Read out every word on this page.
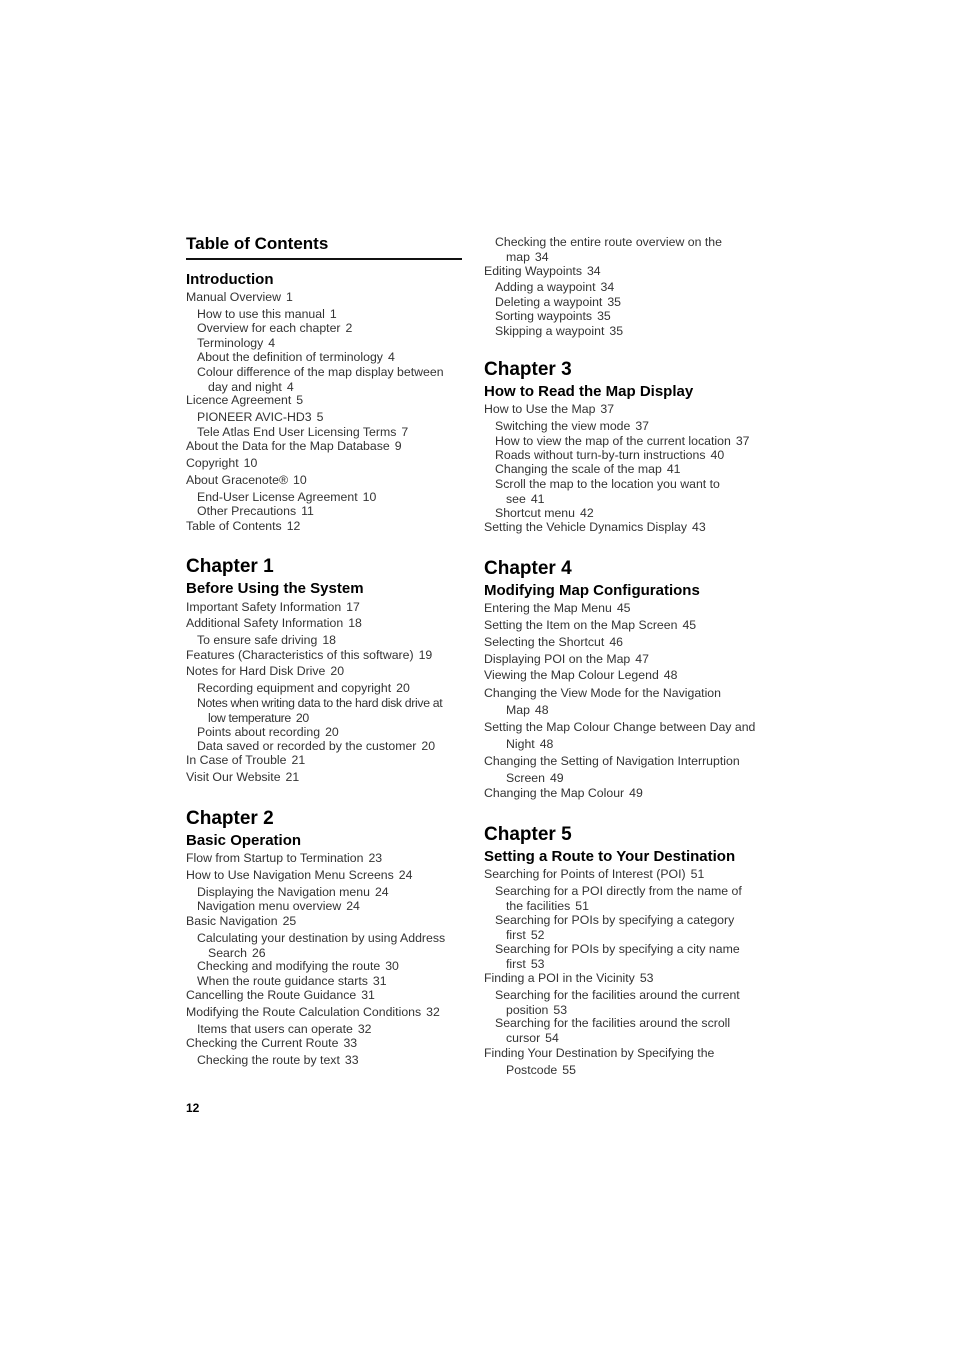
Table of Contents
Introduction
Manual Overview 1
How to use this manual 1
Overview for each chapter 2
Terminology 4
About the definition of terminology 4
Colour difference of the map display between
day and night 4
Licence Agreement 5
PIONEER AVIC-HD3 5
Tele Atlas End User Licensing Terms 7
About the Data for the Map Database 9
Copyright 10
About Gracenote® 10
End-User License Agreement 10
Other Precautions 11
Table of Contents 12
Chapter 1
Before Using the System
Important Safety Information 17
Additional Safety Information 18
To ensure safe driving 18
Features (Characteristics of this software) 19
Notes for Hard Disk Drive 20
Recording equipment and copyright 20
Notes when writing data to the hard disk drive at
low temperature 20
Points about recording 20
Data saved or recorded by the customer 20
In Case of Trouble 21
Visit Our Website 21
Chapter 2
Basic Operation
Flow from Startup to Termination 23
How to Use Navigation Menu Screens 24
Displaying the Navigation menu 24
Navigation menu overview 24
Basic Navigation 25
Calculating your destination by using Address
Search 26
Checking and modifying the route 30
When the route guidance starts 31
Cancelling the Route Guidance 31
Modifying the Route Calculation Conditions 32
Items that users can operate 32
Checking the Current Route 33
Checking the route by text 33
Checking the entire route overview on the
map 34
Editing Waypoints 34
Adding a waypoint 34
Deleting a waypoint 35
Sorting waypoints 35
Skipping a waypoint 35
Chapter 3
How to Read the Map Display
How to Use the Map 37
Switching the view mode 37
How to view the map of the current location 37
Roads without turn-by-turn instructions 40
Changing the scale of the map 41
Scroll the map to the location you want to
see 41
Shortcut menu 42
Setting the Vehicle Dynamics Display 43
Chapter 4
Modifying Map Configurations
Entering the Map Menu 45
Setting the Item on the Map Screen 45
Selecting the Shortcut 46
Displaying POI on the Map 47
Viewing the Map Colour Legend 48
Changing the View Mode for the Navigation
Map 48
Setting the Map Colour Change between Day and
Night 48
Changing the Setting of Navigation Interruption
Screen 49
Changing the Map Colour 49
Chapter 5
Setting a Route to Your Destination
Searching for Points of Interest (POI) 51
Searching for a POI directly from the name of
the facilities 51
Searching for POIs by specifying a category
first 52
Searching for POIs by specifying a city name
first 53
Finding a POI in the Vicinity 53
Searching for the facilities around the current
position 53
Searching for the facilities around the scroll
cursor 54
Finding Your Destination by Specifying the
Postcode 55
12
